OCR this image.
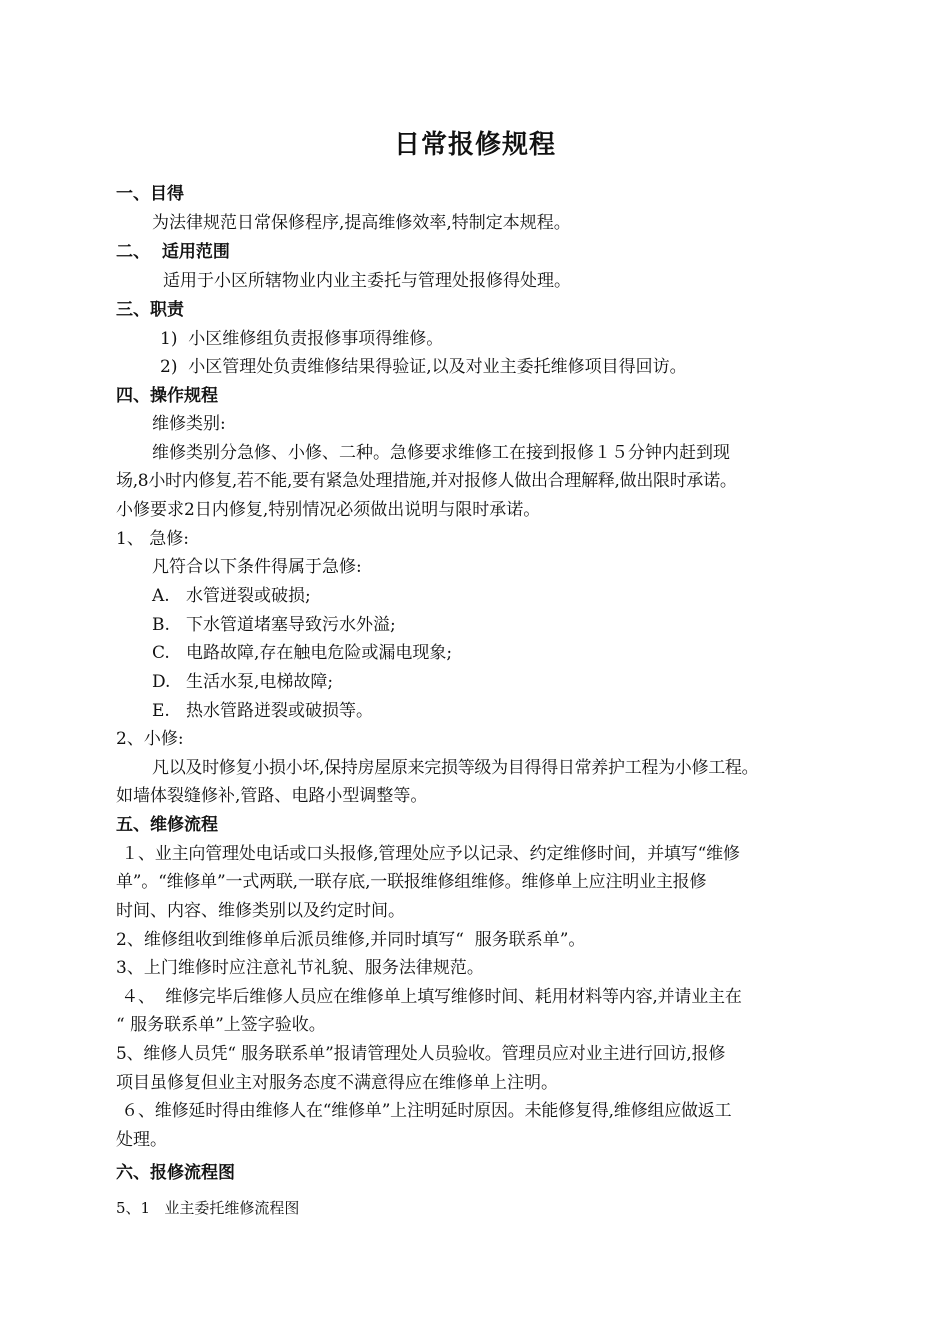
日常报修规程
一、目得
为法律规范日常保修程序,提高维修效率,特制定本规程。
二、  适用范围
适用于小区所辖物业内业主委托与管理处报修得处理。
三、职责
1)  小区维修组负责报修事项得维修。
2)  小区管理处负责维修结果得验证,以及对业主委托维修项目得回访。
四、操作规程
维修类别:
维修类别分急修、小修、二种。急修要求维修工在接到报修１５分钟内赶到现
场,8小时内修复,若不能,要有紧急处理措施,并对报修人做出合理解释,做出限时承诺。
小修要求2日内修复,特别情况必须做出说明与限时承诺。
1、 急修:
凡符合以下条件得属于急修:
A. 水管迸裂或破损;
B. 下水管道堵塞导致污水外溢;
C. 电路故障,存在触电危险或漏电现象;
D. 生活水泵,电梯故障;
E. 热水管路迸裂或破损等。
2、小修:
凡以及时修复小损小坏,保持房屋原来完损等级为目得得日常养护工程为小修工程。
如墙体裂缝修补,管路、电路小型调整等。
五、维修流程
１、业主向管理处电话或口头报修,管理处应予以记录、约定维修时间，并填写“维修
单”。“维修单”一式两联,一联存底,一联报维修组维修。维修单上应注明业主报修
时间、内容、维修类别以及约定时间。
2、维修组收到维修单后派员维修,并同时填写“  服务联系单”。
3、上门维修时应注意礼节礼貌、服务法律规范。
４、  维修完毕后维修人员应在维修单上填写维修时间、耗用材料等内容,并请业主在
“ 服务联系单”上签字验收。
5、维修人员凭“ 服务联系单”报请管理处人员验收。管理员应对业主进行回访,报修
项目虽修复但业主对服务态度不满意得应在维修单上注明。
６、维修延时得由维修人在“维修单”上注明延时原因。未能修复得,维修组应做返工
处理。
六、报修流程图
5、1   业主委托维修流程图
